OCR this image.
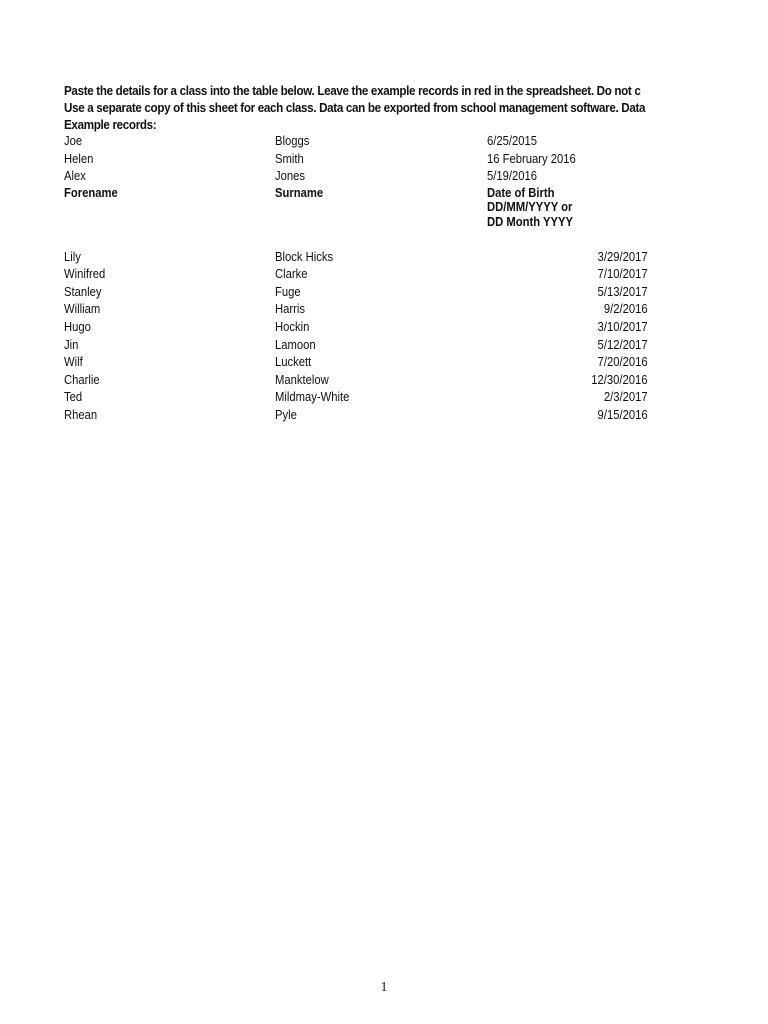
Paste the details for a class into the table below. Leave the example records in red in the spreadsheet. Do not c
Use a separate copy of this sheet for each class. Data can be exported from school management software. Data
Example records:
Joe	Bloggs	6/25/2015
Helen	Smith	16 February 2016
Alex	Jones	5/19/2016
Forename	Surname	Date of Birth
DD/MM/YYYY or
DD Month YYYY
Lily	Block Hicks	3/29/2017
Winifred	Clarke	7/10/2017
Stanley	Fuge	5/13/2017
William	Harris	9/2/2016
Hugo	Hockin	3/10/2017
Jin	Lamoon	5/12/2017
Wilf	Luckett	7/20/2016
Charlie	Manktelow	12/30/2016
Ted	Mildmay-White	2/3/2017
Rhean	Pyle	9/15/2016
1
